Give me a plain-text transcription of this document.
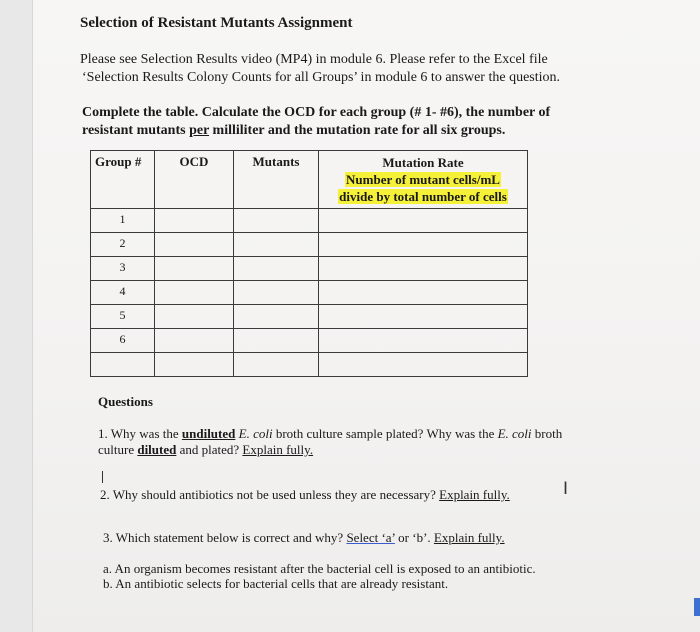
Selection of Resistant Mutants Assignment
Please see Selection Results video (MP4) in module 6. Please refer to the Excel file
‘Selection Results Colony Counts for all Groups’ in module 6 to answer the question.
Complete the table. Calculate the OCD for each group (# 1- #6), the number of
resistant mutants per milliliter and the mutation rate for all six groups.
Group #	OCD	Mutants	Mutation Rate
Number of mutant cells/mL
divide by total number of cells

1			
2			
3			
4			
5			
6			

Questions
1. Why was the undiluted E. coli broth culture sample plated? Why was the E. coli broth
culture diluted and plated? Explain fully.
2. Why should antibiotics not be used unless they are necessary? Explain fully.
3. Which statement below is correct and why? Select ‘a’ or ‘b’. Explain fully.
a. An organism becomes resistant after the bacterial cell is exposed to an antibiotic.
b. An antibiotic selects for bacterial cells that are already resistant.
I
